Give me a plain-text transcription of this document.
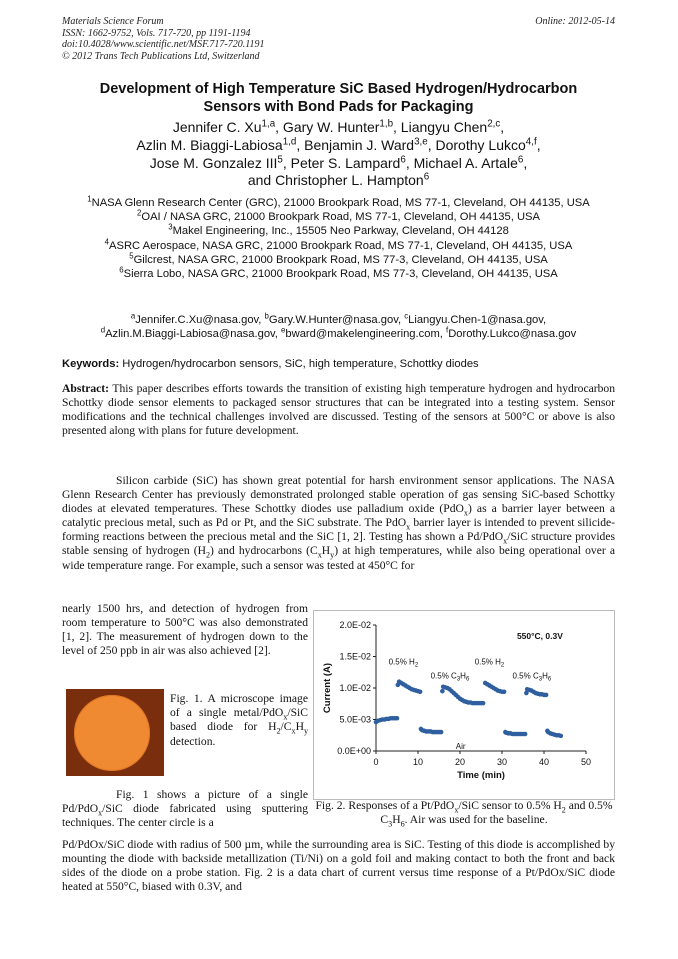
Materials Science Forum
ISSN: 1662-9752, Vols. 717-720, pp 1191-1194
doi:10.4028/www.scientific.net/MSF.717-720.1191
© 2012 Trans Tech Publications Ltd, Switzerland
Online: 2012-05-14
Development of High Temperature SiC Based Hydrogen/Hydrocarbon
Sensors with Bond Pads for Packaging
Jennifer C. Xu$^{1,a}$, Gary W. Hunter$^{1,b}$, Liangyu Chen$^{2,c}$,
Azlin M. Biaggi-Labiosa$^{1,d}$, Benjamin J. Ward$^{3,e}$, Dorothy Lukco$^{4,f}$,
Jose M. Gonzalez III$^5$, Peter S. Lampard$^6$, Michael A. Artale$^6$,
and Christopher L. Hampton$^6$
$^1$NASA Glenn Research Center (GRC), 21000 Brookpark Road, MS 77-1, Cleveland, OH 44135, USA
$^2$OAI / NASA GRC, 21000 Brookpark Road, MS 77-1, Cleveland, OH 44135, USA
$^3$Makel Engineering, Inc., 15505 Neo Parkway, Cleveland, OH 44128
$^4$ASRC Aerospace, NASA GRC, 21000 Brookpark Road, MS 77-1, Cleveland, OH 44135, USA
$^5$Gilcrest, NASA GRC, 21000 Brookpark Road, MS 77-3, Cleveland, OH 44135, USA
$^6$Sierra Lobo, NASA GRC, 21000 Brookpark Road, MS 77-3, Cleveland, OH 44135, USA
$^a$Jennifer.C.Xu@nasa.gov, $^b$Gary.W.Hunter@nasa.gov, $^c$Liangyu.Chen-1@nasa.gov,
$^d$Azlin.M.Biaggi-Labiosa@nasa.gov, $^e$bward@makelengineering.com, $^f$Dorothy.Lukco@nasa.gov
Keywords: Hydrogen/hydrocarbon sensors, SiC, high temperature, Schottky diodes
Abstract: This paper describes efforts towards the transition of existing high temperature hydrogen and hydrocarbon Schottky diode sensor elements to packaged sensor structures that can be integrated into a testing system. Sensor modifications and the technical challenges involved are discussed. Testing of the sensors at 500°C or above is also presented along with plans for future development.
Silicon carbide (SiC) has shown great potential for harsh environment sensor applications. The NASA Glenn Research Center has previously demonstrated prolonged stable operation of gas sensing SiC-based Schottky diodes at elevated temperatures. These Schottky diodes use palladium oxide (PdO$_x$) as a barrier layer between a catalytic precious metal, such as Pd or Pt, and the SiC substrate. The PdO$_x$ barrier layer is intended to prevent silicide-forming reactions between the precious metal and the SiC [1, 2]. Testing has shown a Pd/PdO$_x$/SiC structure provides stable sensing of hydrogen $(H_2)$ and hydrocarbons $(C_xH_y)$ at high temperatures, while also being operational over a wide temperature range. For example, such a sensor was tested at 450°C for
nearly 1500 hrs, and detection of hydrogen from room temperature to 500°C was also demonstrated [1, 2]. The measurement of hydrogen down to the level of 250 ppb in air was also achieved [2].
Fig. 1. A microscope image of a single metal/PdO$_x$/SiC based diode for $H_2/C_xH_y$ detection.
Fig. 1 shows a picture of a single Pd/PdO$_x$/SiC diode fabricated using sputtering techniques. The center circle is a
0.0E+00
5.0E-03
1.0E-02
1.5E-02
2.0E-02
0	10	20	30	40	50
Time (min)
Current (A)
550°C, 0.3V
0.5% $H_2$
0.5% $C_3H_6$
0.5% $H_2$
0.5% $C_3H_6$
Air
Fig. 2. Responses of a Pt/PdO$_x$/SiC sensor to 0.5% $H_2$ and 0.5% $C_3H_6$. Air was used for the baseline.
Pd/PdOx/SiC diode with radius of 500 µm, while the surrounding area is SiC. Testing of this diode is accomplished by mounting the diode with backside metallization (Ti/Ni) on a gold foil and making contact to both the front and back sides of the diode on a probe station. Fig. 2 is a data chart of current versus time response of a Pt/PdOx/SiC diode heated at 550°C, biased with 0.3V, and
